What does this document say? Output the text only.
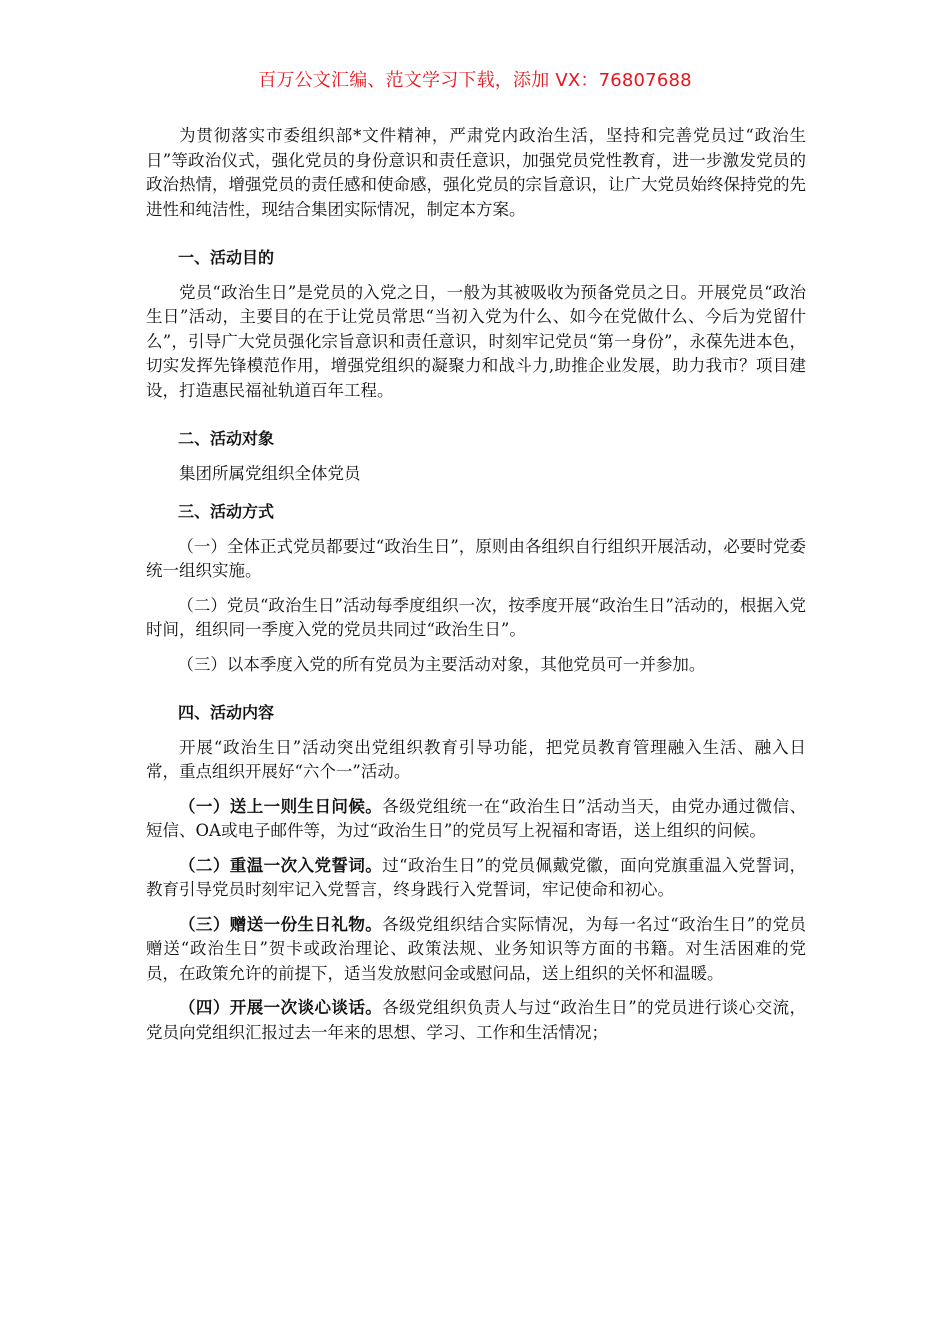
百万公文汇编、范文学习下载，添加 VX：76807688

为贯彻落实市委组织部*文件精神，严肃党内政治生活，坚持和完善党员过“政治生日”等政治仪式，强化党员的身份意识和责任意识，加强党员党性教育，进一步激发党员的政治热情，增强党员的责任感和使命感，强化党员的宗旨意识，让广大党员始终保持党的先进性和纯洁性，现结合集团实际情况，制定本方案。

一、活动目的

党员“政治生日”是党员的入党之日，一般为其被吸收为预备党员之日。开展党员“政治生日”活动，主要目的在于让党员常思“当初入党为什么、如今在党做什么、今后为党留什么”，引导广大党员强化宗旨意识和责任意识，时刻牢记党员“第一身份”，永葆先进本色，切实发挥先锋模范作用，增强党组织的凝聚力和战斗力,助推企业发展，助力我市？项目建设，打造惠民福祉轨道百年工程。

二、活动对象

集团所属党组织全体党员

三、活动方式

（一）全体正式党员都要过“政治生日”，原则由各组织自行组织开展活动，必要时党委统一组织实施。

（二）党员“政治生日”活动每季度组织一次，按季度开展“政治生日”活动的，根据入党时间，组织同一季度入党的党员共同过“政治生日”。

（三）以本季度入党的所有党员为主要活动对象，其他党员可一并参加。

四、活动内容

开展“政治生日”活动突出党组织教育引导功能，把党员教育管理融入生活、融入日常，重点组织开展好“六个一”活动。

（一）送上一则生日问候。各级党组统一在“政治生日”活动当天，由党办通过微信、短信、OA或电子邮件等，为过“政治生日”的党员写上祝福和寄语，送上组织的问候。

（二）重温一次入党誓词。过“政治生日”的党员佩戴党徽，面向党旗重温入党誓词，教育引导党员时刻牢记入党誓言，终身践行入党誓词，牢记使命和初心。

（三）赠送一份生日礼物。各级党组织结合实际情况，为每一名过“政治生日”的党员赠送“政治生日”贺卡或政治理论、政策法规、业务知识等方面的书籍。对生活困难的党员，在政策允许的前提下，适当发放慰问金或慰问品，送上组织的关怀和温暖。

（四）开展一次谈心谈话。各级党组织负责人与过“政治生日”的党员进行谈心交流，党员向党组织汇报过去一年来的思想、学习、工作和生活情况；
